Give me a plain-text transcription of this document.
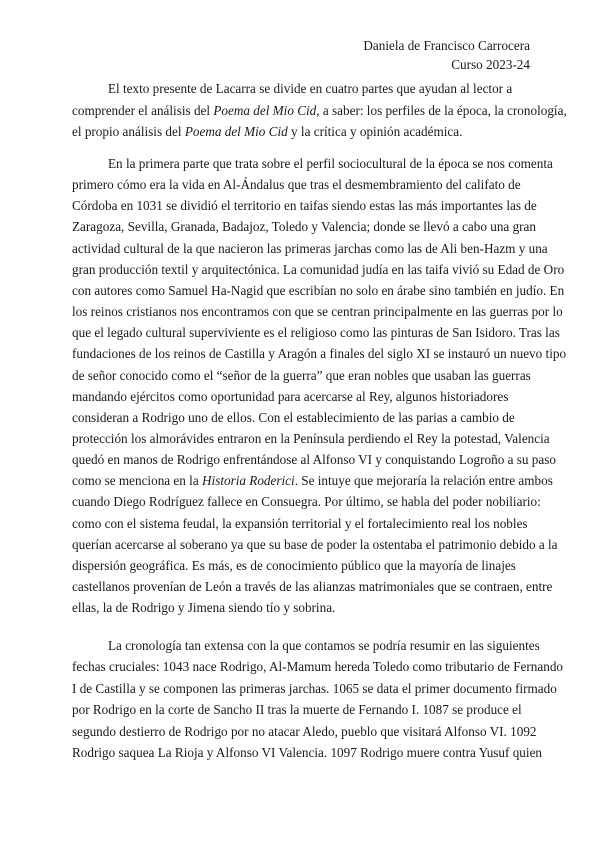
Daniela de Francisco Carrocera
Curso 2023-24
El texto presente de Lacarra se divide en cuatro partes que ayudan al lector a
comprender el análisis del Poema del Mio Cid, a saber: los perfiles de la época, la cronología,
el propio análisis del Poema del Mio Cid y la crítica y opinión académica.
En la primera parte que trata sobre el perfil sociocultural de la época se nos comenta
primero cómo era la vida en Al-Ándalus que tras el desmembramiento del califato de
Córdoba en 1031 se dividió el territorio en taifas siendo estas las más importantes las de
Zaragoza, Sevilla, Granada, Badajoz, Toledo y Valencia; donde se llevó a cabo una gran
actividad cultural de la que nacieron las primeras jarchas como las de Ali ben-Hazm y una
gran producción textil y arquitectónica. La comunidad judía en las taifa vivió su Edad de Oro
con autores como Samuel Ha-Nagid que escribían no solo en árabe sino también en judío. En
los reinos cristianos nos encontramos con que se centran principalmente en las guerras por lo
que el legado cultural superviviente es el religioso como las pinturas de San Isidoro. Tras las
fundaciones de los reinos de Castilla y Aragón a finales del siglo XI se instauró un nuevo tipo
de señor conocido como el “señor de la guerra” que eran nobles que usaban las guerras
mandando ejércitos como oportunidad para acercarse al Rey, algunos historiadores
consideran a Rodrigo uno de ellos. Con el establecimiento de las parias a cambio de
protección los almorávides entraron en la Península perdiendo el Rey la potestad, Valencia
quedó en manos de Rodrigo enfrentándose al Alfonso VI y conquistando Logroño a su paso
como se menciona en la Historia Roderici. Se intuye que mejoraría la relación entre ambos
cuando Diego Rodríguez fallece en Consuegra. Por último, se habla del poder nobiliario:
como con el sistema feudal, la expansión territorial y el fortalecimiento real los nobles
querían acercarse al soberano ya que su base de poder la ostentaba el patrimonio debido a la
dispersión geográfica. Es más, es de conocimiento público que la mayoría de linajes
castellanos provenían de León a través de las alianzas matrimoniales que se contraen, entre
ellas, la de Rodrigo y Jimena siendo tío y sobrina.
La cronología tan extensa con la que contamos se podría resumir en las siguientes
fechas cruciales: 1043 nace Rodrigo, Al-Mamum hereda Toledo como tributario de Fernando
I de Castilla y se componen las primeras jarchas. 1065 se data el primer documento firmado
por Rodrigo en la corte de Sancho II tras la muerte de Fernando I. 1087 se produce el
segundo destierro de Rodrigo por no atacar Aledo, pueblo que visitará Alfonso VI. 1092
Rodrigo saquea La Rioja y Alfonso VI Valencia. 1097 Rodrigo muere contra Yusuf quien
